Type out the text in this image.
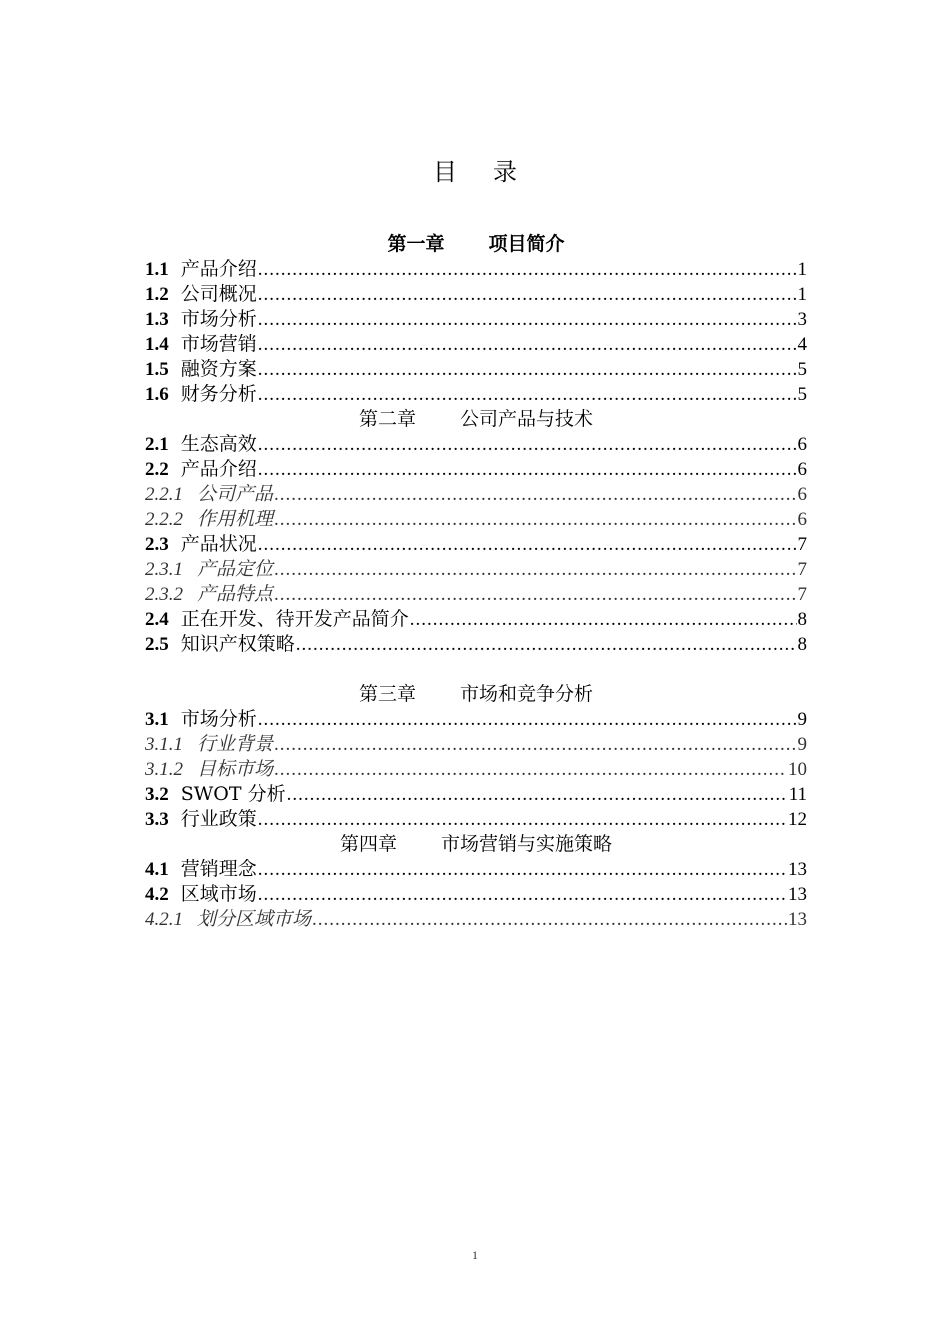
目 录
第一章 项目简介
1.1 产品介绍 .....	1
1.2 公司概况 .....	1
1.3 市场分析 .....	3
1.4 市场营销 .....	4
1.5 融资方案 .....	5
1.6 财务分析 .....	5
第二章 公司产品与技术
2.1 生态高效 .....	6
2.2 产品介绍 .....	6
2.2.1 公司产品 .....	6
2.2.2 作用机理 .....	6
2.3 产品状况 .....	7
2.3.1 产品定位 .....	7
2.3.2 产品特点 .....	7
2.4 正在开发、待开发产品简介 .....	8
2.5 知识产权策略 .....	8
第三章 市场和竞争分析
3.1 市场分析 .....	9
3.1.1 行业背景 .....	9
3.1.2 目标市场 .....	10
3.2 SWOT 分析 .....	11
3.3 行业政策 .....	12
第四章 市场营销与实施策略
4.1 营销理念 .....	13
4.2 区域市场 .....	13
4.2.1 划分区域市场 .....	13
1
